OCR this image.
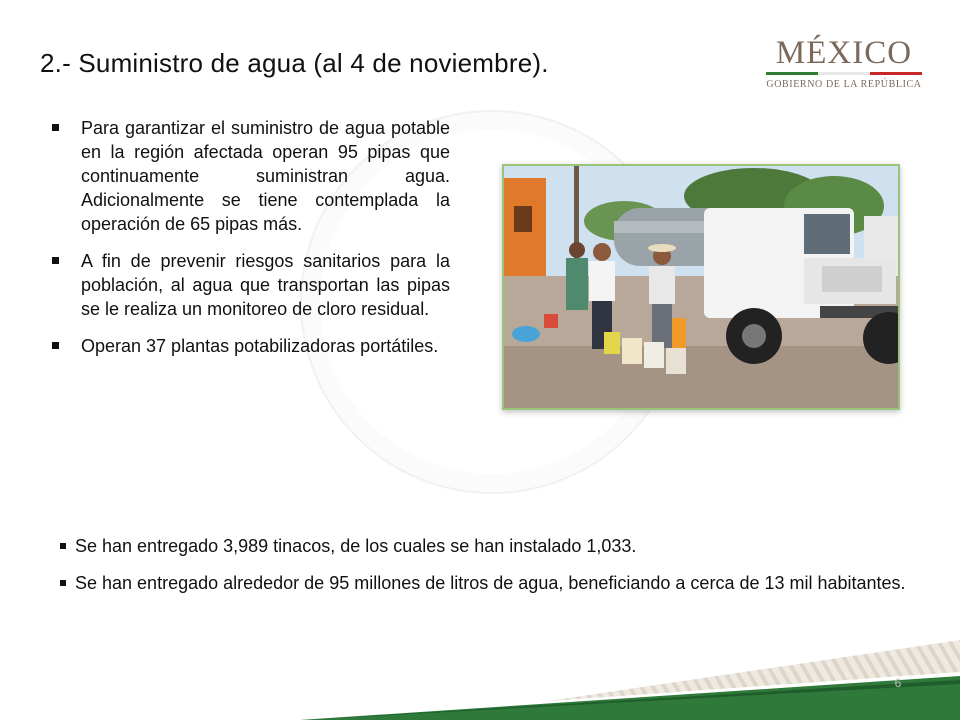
2.- Suministro de agua (al 4 de noviembre).	MÉXICO
GOBIERNO DE LA REPÚBLICA
Para garantizar el suministro de agua potable en la región afectada operan 95 pipas que continuamente suministran agua. Adicionalmente se tiene contemplada la operación de 65 pipas más.
A fin de prevenir riesgos sanitarios para la población, al agua que transportan las pipas se le realiza un monitoreo de cloro residual.
Operan 37 plantas potabilizadoras portátiles.
Se han entregado 3,989 tinacos, de los cuales se han instalado 1,033.
Se han entregado alrededor de 95 millones de litros de agua, beneficiando a cerca de 13 mil habitantes.
6
